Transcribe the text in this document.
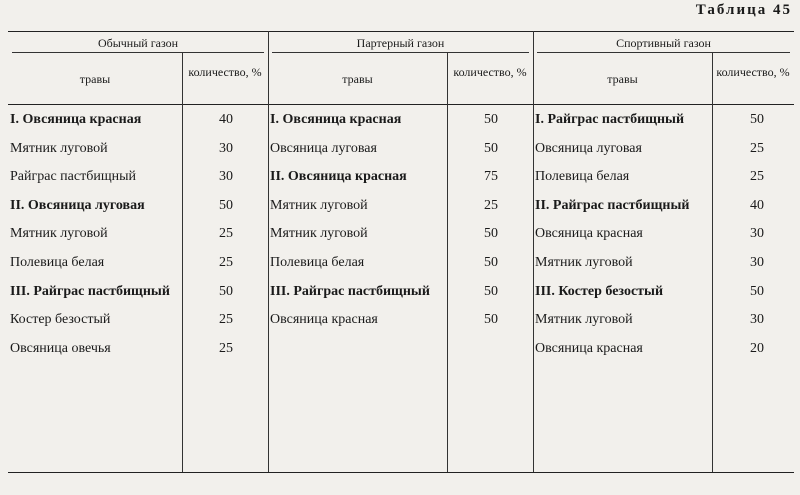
Таблица 45
Обычный газон
травы	количество, %
I. Овсяница красная	40
Мятник луговой	30
Райграс пастбищный	30
II. Овсяница луговая	50
Мятник луговой	25
Полевица белая	25
III. Райграс пастбищный	50
Костер безостый	25
Овсяница овечья	25
Партерный газон
травы	количество, %
I. Овсяница красная	50
Овсяница луговая	50
II. Овсяница красная	75
Мятник луговой	25
Мятник луговой	50
Полевица белая	50
III. Райграс пастбищный	50
Овсяница красная	50
Спортивный газон
травы	количество, %
I. Райграс пастбищный	50
Овсяница луговая	25
Полевица белая	25
II. Райграс пастбищный	40
Овсяница красная	30
Мятник луговой	30
III. Костер безостый	50
Мятник луговой	30
Овсяница красная	20
